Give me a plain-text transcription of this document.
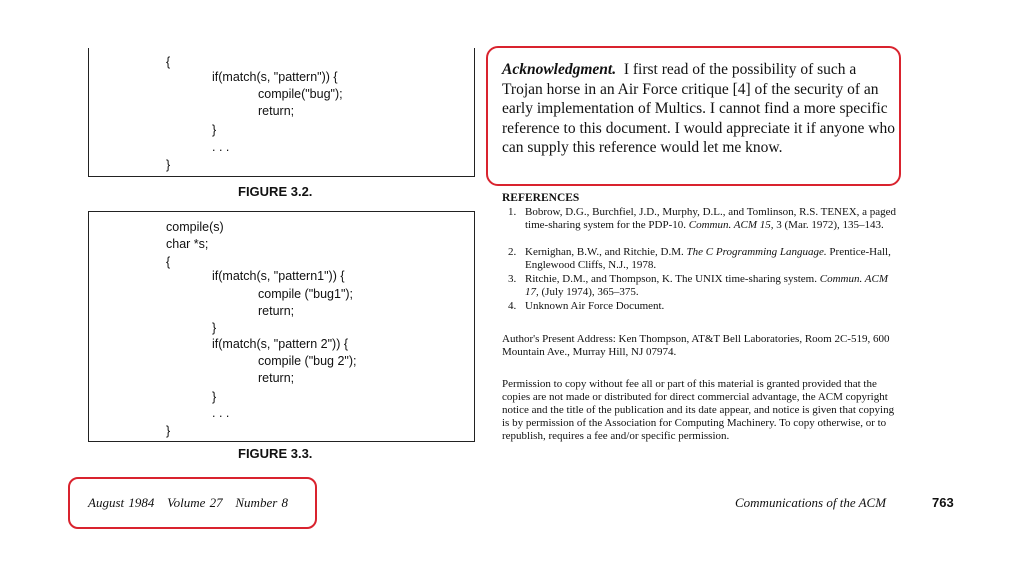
{
if(match(s, "pattern")) {
compile("bug");
return;
}
. . .
}
FIGURE 3.2.
compile(s)
char *s;
{
if(match(s, "pattern1")) {
compile ("bug1");
return;
}
if(match(s, "pattern 2")) {
compile ("bug 2");
return;
}
. . .
}
FIGURE 3.3.
Acknowledgment. I first read of the possibility of such a Trojan horse in an Air Force critique [4] of the security of an early implementation of Multics. I cannot find a more specific reference to this document. I would appreciate it if anyone who can supply this reference would let me know.
REFERENCES
1. Bobrow, D.G., Burchfiel, J.D., Murphy, D.L., and Tomlinson, R.S. TENEX, a paged time-sharing system for the PDP-10. Commun. ACM 15, 3 (Mar. 1972), 135–143.
2. Kernighan, B.W., and Ritchie, D.M. The C Programming Language. Prentice-Hall, Englewood Cliffs, N.J., 1978.
3. Ritchie, D.M., and Thompson, K. The UNIX time-sharing system. Commun. ACM 17, (July 1974), 365–375.
4. Unknown Air Force Document.
Author's Present Address: Ken Thompson, AT&T Bell Laboratories, Room 2C-519, 600 Mountain Ave., Murray Hill, NJ 07974.
Permission to copy without fee all or part of this material is granted provided that the copies are not made or distributed for direct commercial advantage, the ACM copyright notice and the title of the publication and its date appear, and notice is given that copying is by permission of the Association for Computing Machinery. To copy otherwise, or to republish, requires a fee and/or specific permission.
August 1984   Volume 27   Number 8	Communications of the ACM	763
